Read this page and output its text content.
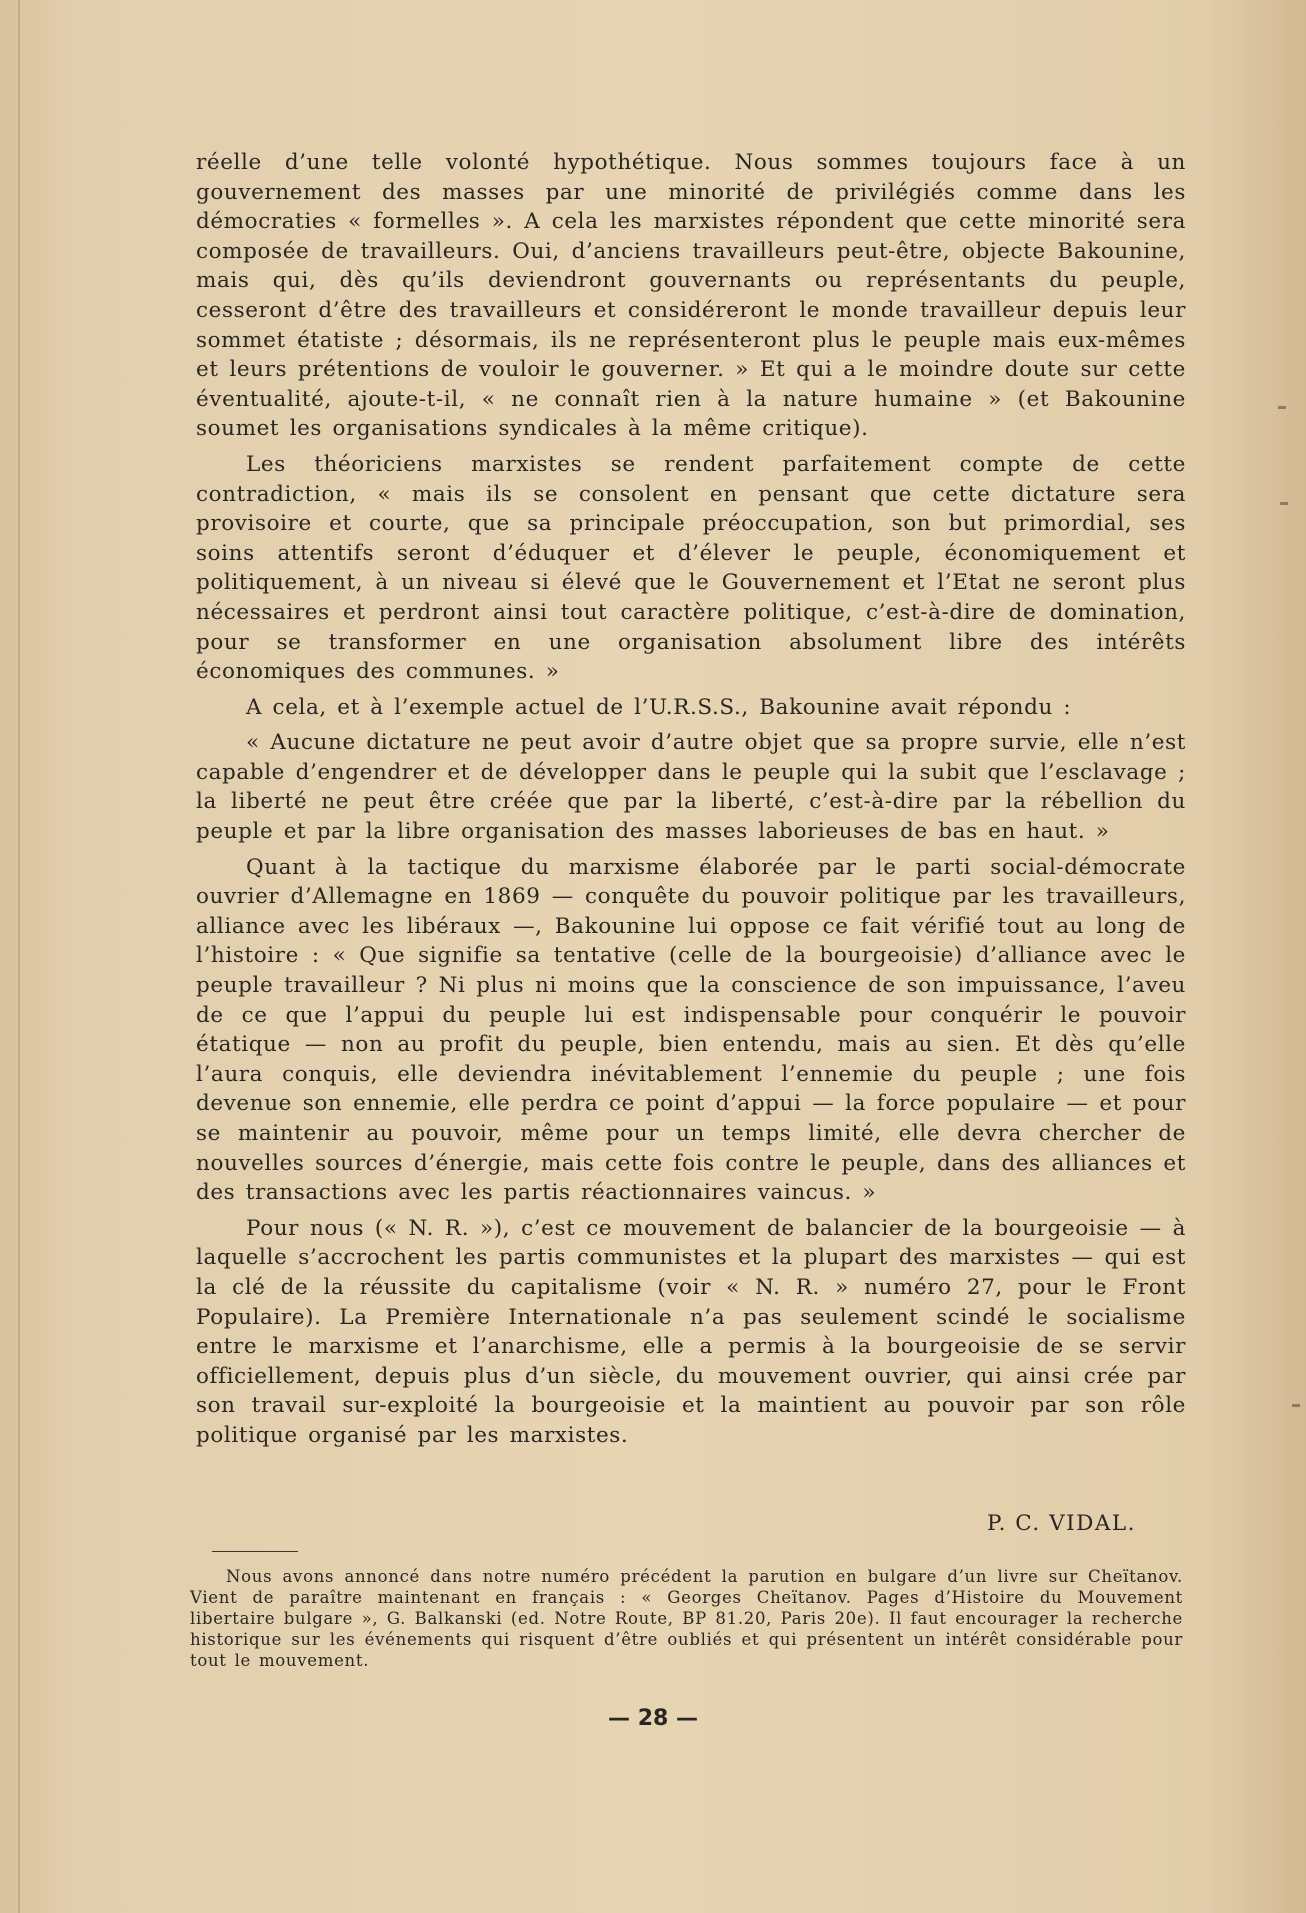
réelle d’une telle volonté hypothétique. Nous sommes toujours face à un gouvernement des masses par une minorité de privilégiés comme dans les démocraties « formelles ». A cela les marxistes répondent que cette minorité sera composée de travailleurs. Oui, d’anciens travailleurs peut-être, objecte Bakounine, mais qui, dès qu’ils deviendront gouvernants ou représentants du peuple, cesseront d’être des travailleurs et considéreront le monde travailleur depuis leur sommet étatiste ; désormais, ils ne représenteront plus le peuple mais eux-mêmes et leurs prétentions de vouloir le gouverner. » Et qui a le moindre doute sur cette éventualité, ajoute-t-il, « ne connaît rien à la nature humaine » (et Bakounine soumet les organisations syndicales à la même critique).

Les théoriciens marxistes se rendent parfaitement compte de cette contradiction, « mais ils se consolent en pensant que cette dictature sera provisoire et courte, que sa principale préoccupation, son but primordial, ses soins attentifs seront d’éduquer et d’élever le peuple, économiquement et politiquement, à un niveau si élevé que le Gouvernement et l’Etat ne seront plus nécessaires et perdront ainsi tout caractère politique, c’est-à-dire de domination, pour se transformer en une organisation absolument libre des intérêts économiques des communes. »

A cela, et à l’exemple actuel de l’U.R.S.S., Bakounine avait répondu :

« Aucune dictature ne peut avoir d’autre objet que sa propre survie, elle n’est capable d’engendrer et de développer dans le peuple qui la subit que l’esclavage ; la liberté ne peut être créée que par la liberté, c’est-à-dire par la rébellion du peuple et par la libre organisation des masses laborieuses de bas en haut. »

Quant à la tactique du marxisme élaborée par le parti social-démocrate ouvrier d’Allemagne en 1869 — conquête du pouvoir politique par les travailleurs, alliance avec les libéraux —, Bakounine lui oppose ce fait vérifié tout au long de l’histoire : « Que signifie sa tentative (celle de la bourgeoisie) d’alliance avec le peuple travailleur ? Ni plus ni moins que la conscience de son impuissance, l’aveu de ce que l’appui du peuple lui est indispensable pour conquérir le pouvoir étatique — non au profit du peuple, bien entendu, mais au sien. Et dès qu’elle l’aura conquis, elle deviendra inévitablement l’ennemie du peuple ; une fois devenue son ennemie, elle perdra ce point d’appui — la force populaire — et pour se maintenir au pouvoir, même pour un temps limité, elle devra chercher de nouvelles sources d’énergie, mais cette fois contre le peuple, dans des alliances et des transactions avec les partis réactionnaires vaincus. »

Pour nous (« N. R. »), c’est ce mouvement de balancier de la bourgeoisie — à laquelle s’accrochent les partis communistes et la plupart des marxistes — qui est la clé de la réussite du capitalisme (voir « N. R. » numéro 27, pour le Front Populaire). La Première Internationale n’a pas seulement scindé le socialisme entre le marxisme et l’anarchisme, elle a permis à la bourgeoisie de se servir officiellement, depuis plus d’un siècle, du mouvement ouvrier, qui ainsi crée par son travail sur-exploité la bourgeoisie et la maintient au pouvoir par son rôle politique organisé par les marxistes.

P. C. VIDAL.

Nous avons annoncé dans notre numéro précédent la parution en bulgare d’un livre sur Cheïtanov. Vient de paraître maintenant en français : « Georges Cheïtanov. Pages d’Histoire du Mouvement libertaire bulgare », G. Balkanski (ed. Notre Route, BP 81.20, Paris 20e). Il faut encourager la recherche historique sur les événements qui risquent d’être oubliés et qui présentent un intérêt considérable pour tout le mouvement.

— 28 —
